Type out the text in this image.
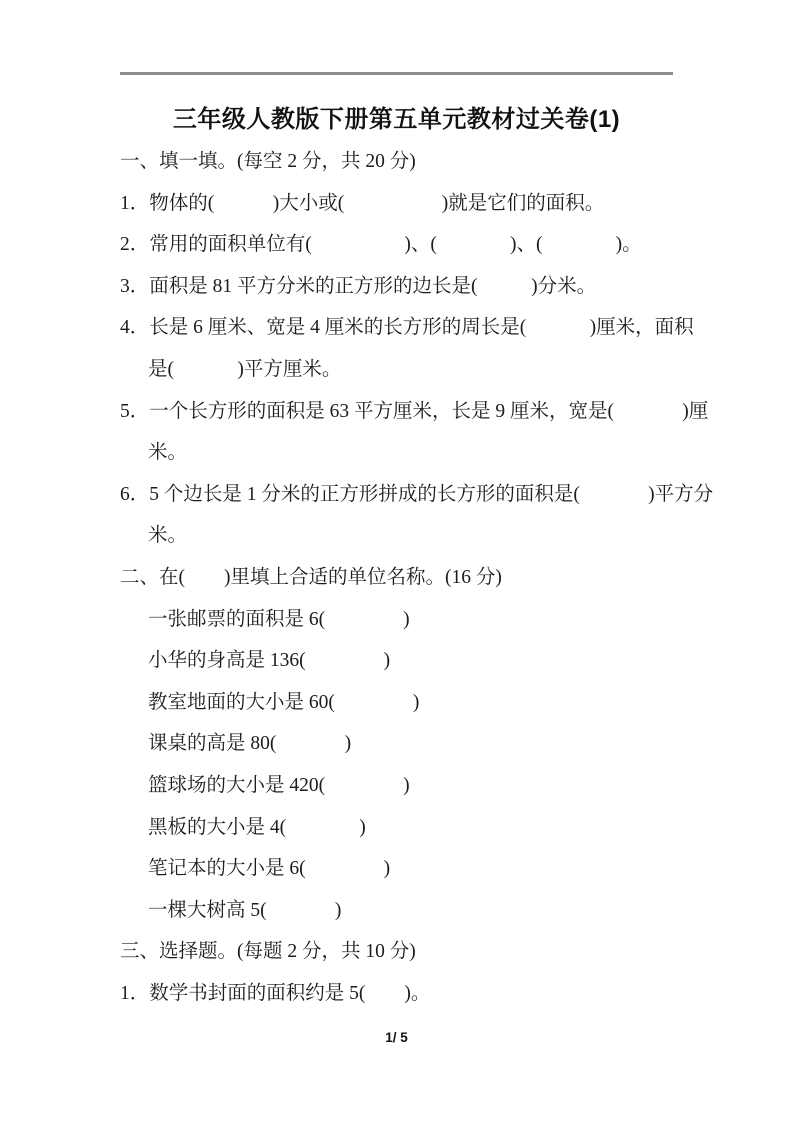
三年级人教版下册第五单元教材过关卷(1)
一、填一填。(每空 2 分，共 20 分)
1．物体的(            )大小或(                    )就是它们的面积。
2．常用的面积单位有(                   )、(               )、(               )。
3．面积是 81 平方分米的正方形的边长是(           )分米。
4．长是 6 厘米、宽是 4 厘米的长方形的周长是(             )厘米，面积
是(             )平方厘米。
5．一个长方形的面积是 63 平方厘米，长是 9 厘米，宽是(              )厘
米。
6．5 个边长是 1 分米的正方形拼成的长方形的面积是(              )平方分
米。
二、在(        )里填上合适的单位名称。(16 分)
一张邮票的面积是 6(                )
小华的身高是 136(                )
教室地面的大小是 60(                )
课桌的高是 80(              )
篮球场的大小是 420(                )
黑板的大小是 4(               )
笔记本的大小是 6(                )
一棵大树高 5(              )
三、选择题。(每题 2 分，共 10 分)
1．数学书封面的面积约是 5(        )。
1/ 5
